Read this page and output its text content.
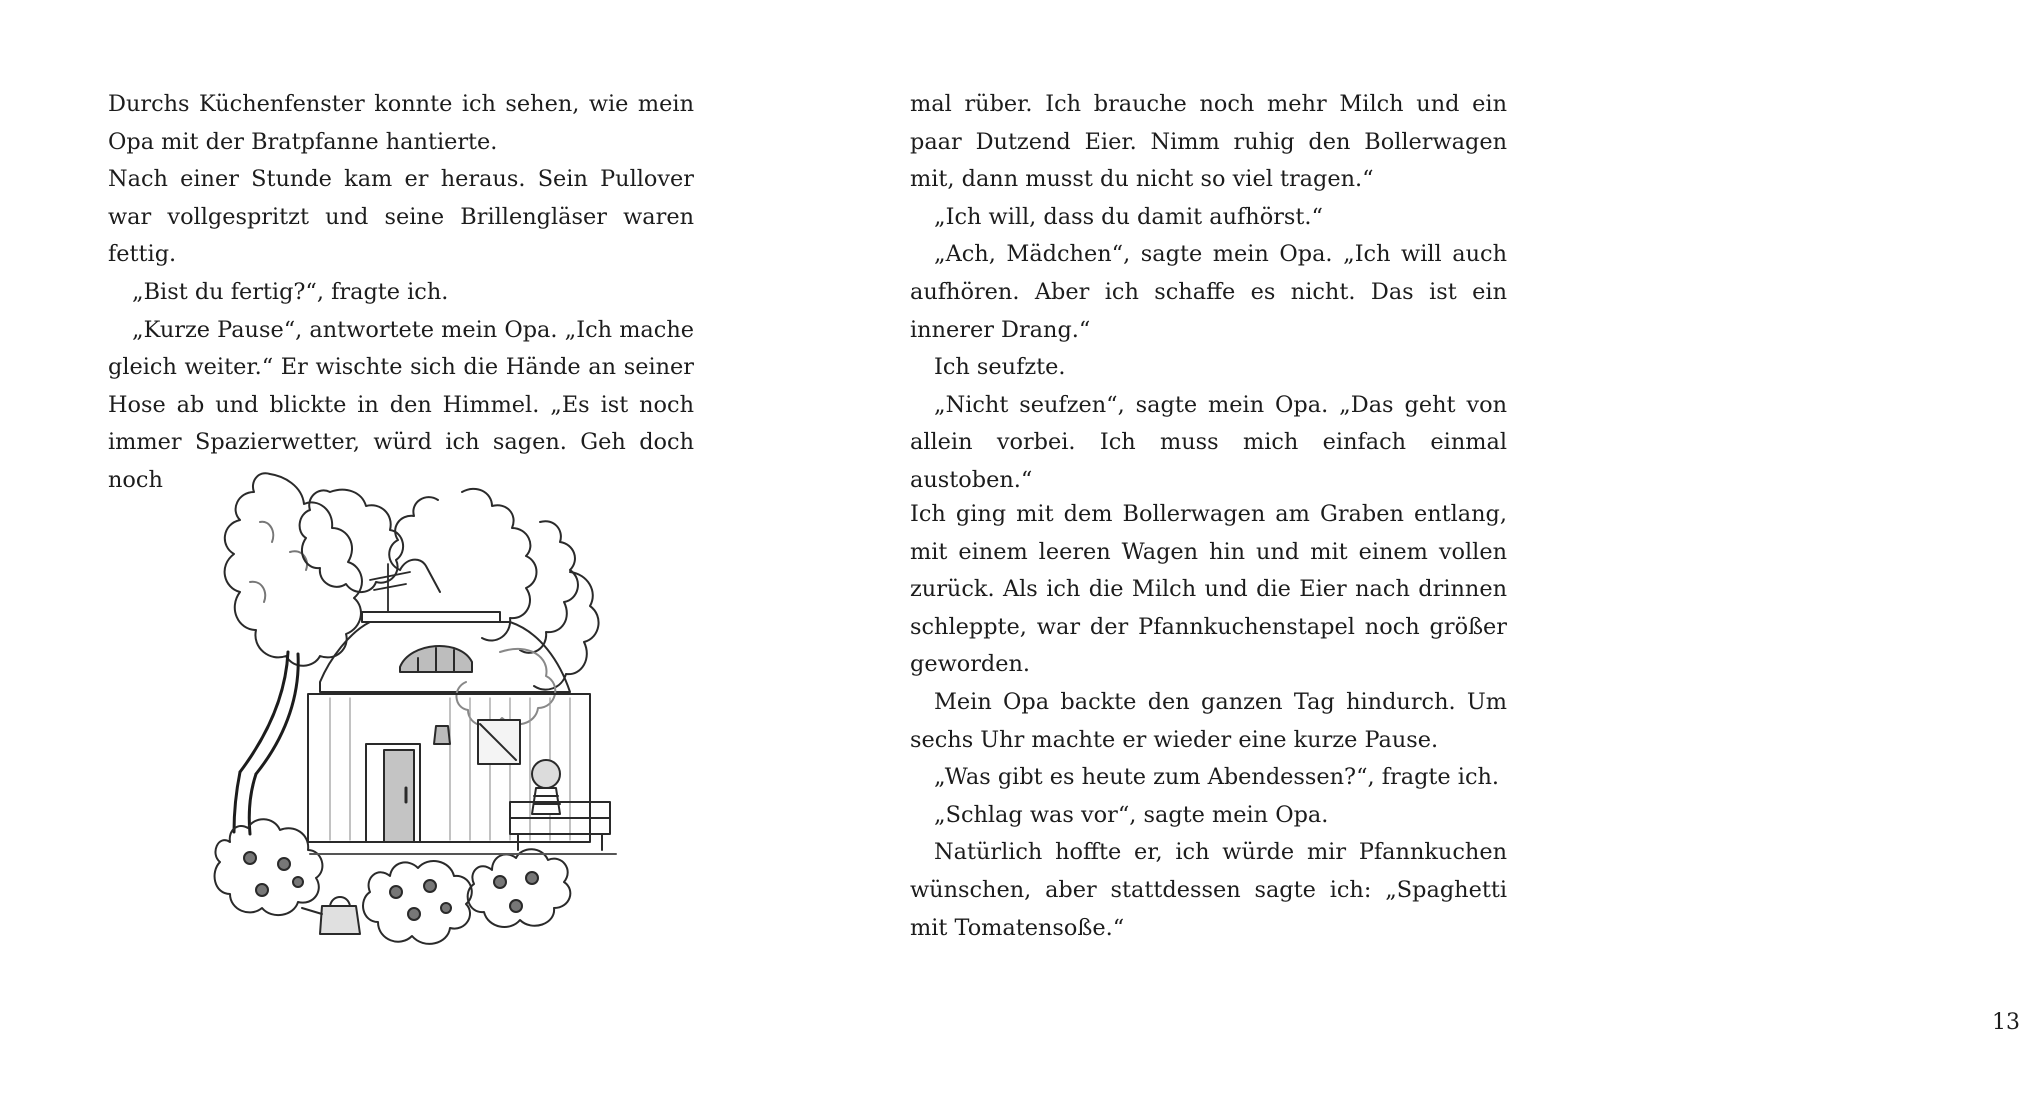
Durchs Küchenfenster konnte ich sehen, wie mein Opa mit der Bratpfanne hantierte.

Nach einer Stunde kam er heraus. Sein Pullover war vollgespritzt und seine Brillengläser waren fettig.

„Bist du fertig?“, fragte ich.

„Kurze Pause“, antwortete mein Opa. „Ich mache gleich weiter.“ Er wischte sich die Hände an seiner Hose ab und blickte in den Himmel. „Es ist noch immer Spazierwetter, würd ich sagen. Geh doch noch

mal rüber. Ich brauche noch mehr Milch und ein paar Dutzend Eier. Nimm ruhig den Bollerwagen mit, dann musst du nicht so viel tragen.“

„Ich will, dass du damit aufhörst.“

„Ach, Mädchen“, sagte mein Opa. „Ich will auch aufhören. Aber ich schaffe es nicht. Das ist ein innerer Drang.“

Ich seufzte.

„Nicht seufzen“, sagte mein Opa. „Das geht von allein vorbei. Ich muss mich einfach einmal austoben.“

Ich ging mit dem Bollerwagen am Graben entlang, mit einem leeren Wagen hin und mit einem vollen zurück. Als ich die Milch und die Eier nach drinnen schleppte, war der Pfannkuchenstapel noch größer geworden.

Mein Opa backte den ganzen Tag hindurch. Um sechs Uhr machte er wieder eine kurze Pause.

„Was gibt es heute zum Abendessen?“, fragte ich.

„Schlag was vor“, sagte mein Opa.

Natürlich hoffte er, ich würde mir Pfannkuchen wünschen, aber stattdessen sagte ich: „Spaghetti mit Tomatensoße.“

13
